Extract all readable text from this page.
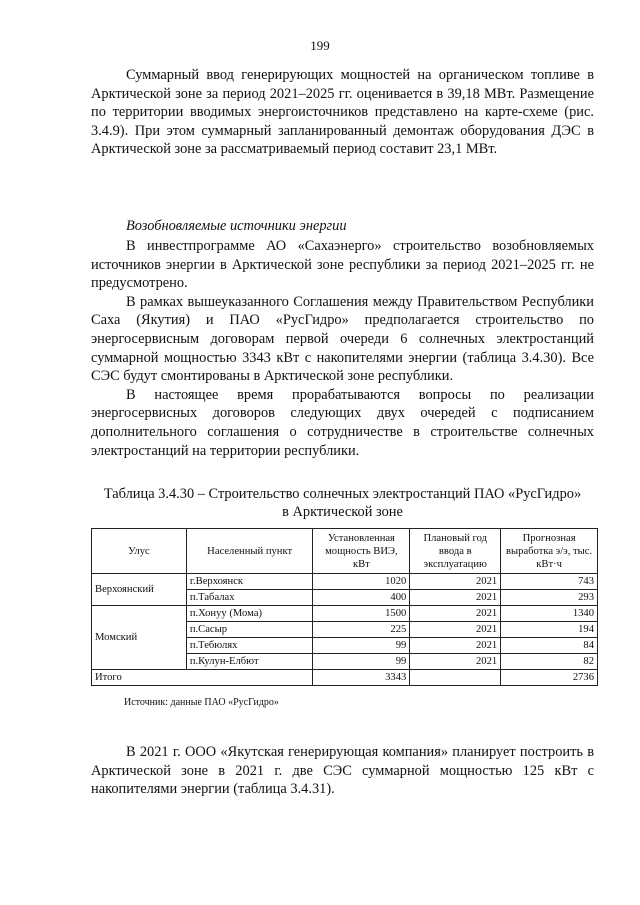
199

Суммарный ввод генерирующих мощностей на органическом топливе в Арктической зоне за период 2021–2025 гг. оценивается в 39,18 МВт. Размещение по территории вводимых энергоисточников представлено на карте-схеме (рис. 3.4.9). При этом суммарный запланированный демонтаж оборудования ДЭС в Арктической зоне за рассматриваемый период составит 23,1 МВт.

Возобновляемые источники энергии

В инвестпрограмме АО «Сахаэнерго» строительство возобновляемых источников энергии в Арктической зоне республики за период 2021–2025 гг. не предусмотрено.

В рамках вышеуказанного Соглашения между Правительством Республики Саха (Якутия) и ПАО «РусГидро» предполагается строительство по энергосервисным договорам первой очереди 6 солнечных электростанций суммарной мощностью 3343 кВт с накопителями энергии (таблица 3.4.30). Все СЭС будут смонтированы в Арктической зоне республики.

В настоящее время прорабатываются вопросы по реализации энергосервисных договоров следующих двух очередей с подписанием дополнительного соглашения о сотрудничестве в строительстве солнечных электростанций на территории республики.

Таблица 3.4.30 – Строительство солнечных электростанций ПАО «РусГидро»
в Арктической зоне
Улус	Населенный пункт	Установленная мощность ВИЭ, кВт	Плановый год ввода в эксплуатацию	Прогнозная выработка э/э, тыс. кВт·ч
Верхоянский	г.Верхоянск	1020	2021	743
	п.Табалах	400	2021	293
Момский	п.Хонуу (Мома)	1500	2021	1340
	п.Сасыр	225	2021	194
	п.Тебюлях	99	2021	84
	п.Кулун-Елбют	99	2021	82
Итого		3343		2736
Источник: данные ПАО «РусГидро»

В 2021 г. ООО «Якутская генерирующая компания» планирует построить в Арктической зоне в 2021 г. две СЭС суммарной мощностью 125 кВт с накопителями энергии (таблица 3.4.31).
